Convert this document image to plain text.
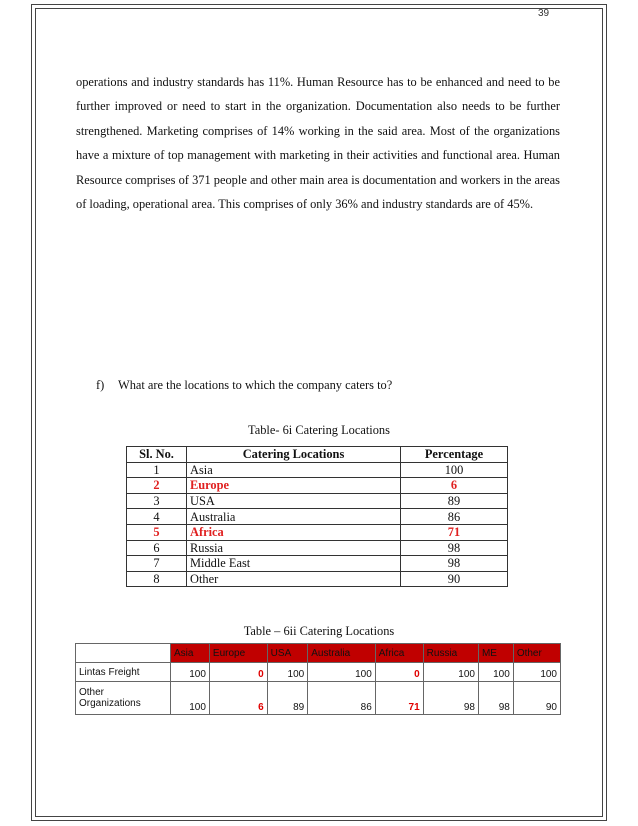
39

operations and industry standards has 11%. Human Resource has to be enhanced and need to be further improved or need to start in the organization. Documentation also needs to be further strengthened. Marketing comprises of 14% working in the said area. Most of the organizations have a mixture of top management with marketing in their activities and functional area. Human Resource comprises of 371 people and other main area is documentation and workers in the areas of loading, operational area. This comprises of only 36% and industry standards are of 45%.

f) What are the locations to which the company caters to?

Table- 6i Catering Locations

Sl. No.	Catering Locations	Percentage
1	Asia	100
2	Europe	6
3	USA	89
4	Australia	86
5	Africa	71
6	Russia	98
7	Middle East	98
8	Other	90

Table – 6ii Catering Locations

	Asia	Europe	USA	Australia	Africa	Russia	ME	Other
Lintas Freight	100	0	100	100	0	100	100	100
Other Organizations	100	6	89	86	71	98	98	90
